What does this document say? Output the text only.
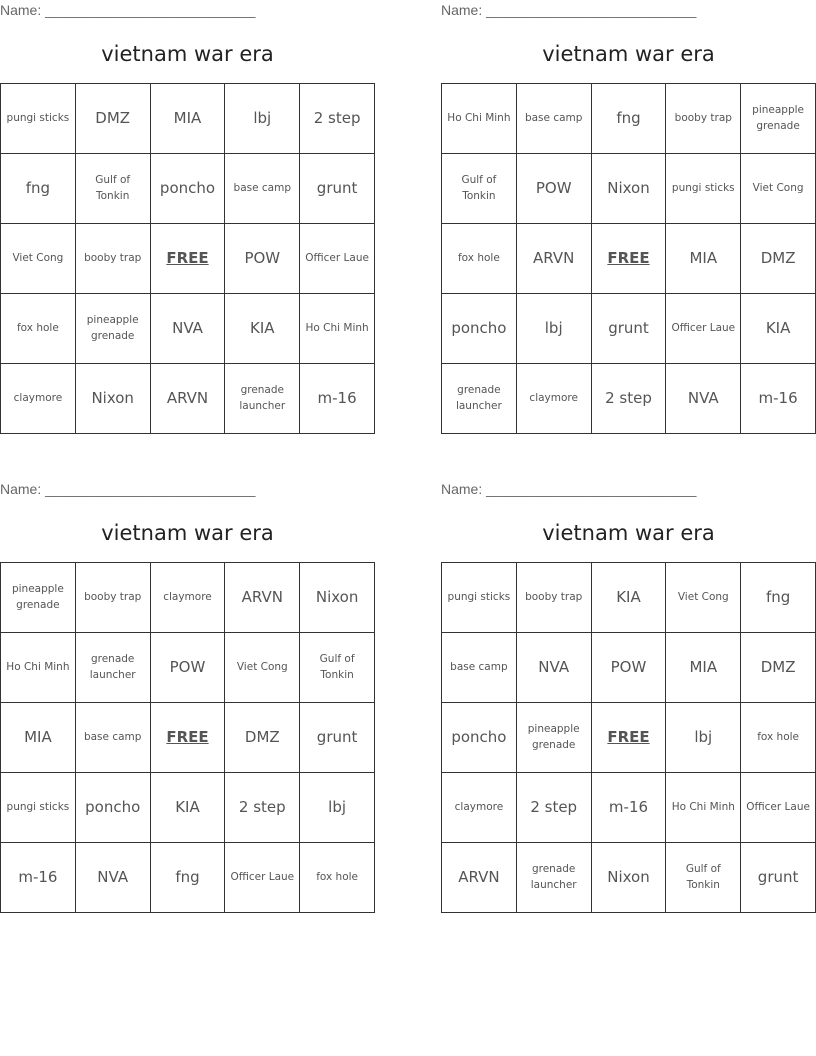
Name: ___________________________
vietnam war era
pungi sticks	DMZ	MIA	lbj	2 step
fng	Gulf of Tonkin	poncho	base camp	grunt
Viet Cong	booby trap	FREE	POW	Officer Laue
fox hole	pineapple grenade	NVA	KIA	Ho Chi Minh
claymore	Nixon	ARVN	grenade launcher	m-16
Name: ___________________________
vietnam war era
Ho Chi Minh	base camp	fng	booby trap	pineapple grenade
Gulf of Tonkin	POW	Nixon	pungi sticks	Viet Cong
fox hole	ARVN	FREE	MIA	DMZ
poncho	lbj	grunt	Officer Laue	KIA
grenade launcher	claymore	2 step	NVA	m-16
Name: ___________________________
vietnam war era
pineapple grenade	booby trap	claymore	ARVN	Nixon
Ho Chi Minh	grenade launcher	POW	Viet Cong	Gulf of Tonkin
MIA	base camp	FREE	DMZ	grunt
pungi sticks	poncho	KIA	2 step	lbj
m-16	NVA	fng	Officer Laue	fox hole
Name: ___________________________
vietnam war era
pungi sticks	booby trap	KIA	Viet Cong	fng
base camp	NVA	POW	MIA	DMZ
poncho	pineapple grenade	FREE	lbj	fox hole
claymore	2 step	m-16	Ho Chi Minh	Officer Laue
ARVN	grenade launcher	Nixon	Gulf of Tonkin	grunt
